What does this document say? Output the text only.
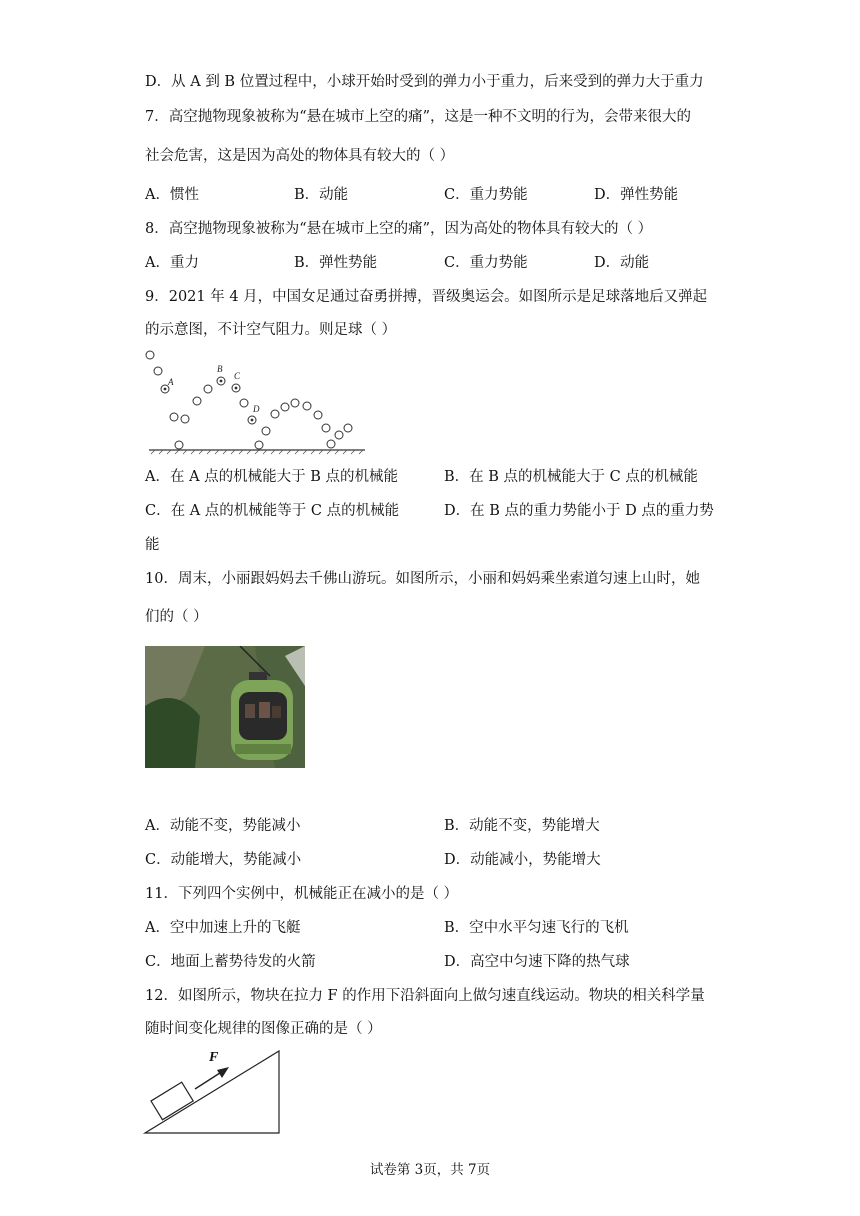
D．从 A 到 B 位置过程中，小球开始时受到的弹力小于重力，后来受到的弹力大于重力
7．高空抛物现象被称为“悬在城市上空的痛”，这是一种不文明的行为，会带来很大的
社会危害，这是因为高处的物体具有较大的（ ）
A．惯性	B．动能	C．重力势能	D．弹性势能
8．高空抛物现象被称为“悬在城市上空的痛”，因为高处的物体具有较大的（ ）
A．重力	B．弹性势能	C．重力势能	D．动能
9．2021 年 4 月，中国女足通过奋勇拼搏，晋级奥运会。如图所示是足球落地后又弹起
的示意图，不计空气阻力。则足球（ ）
A
B
C
D
A．在 A 点的机械能大于 B 点的机械能	B．在 B 点的机械能大于 C 点的机械能
C．在 A 点的机械能等于 C 点的机械能	D．在 B 点的重力势能小于 D 点的重力势
能
10．周末，小丽跟妈妈去千佛山游玩。如图所示，小丽和妈妈乘坐索道匀速上山时，她
们的（ ）
A．动能不变，势能减小	B．动能不变，势能增大
C．动能增大，势能减小	D．动能减小，势能增大
11．下列四个实例中，机械能正在减小的是（ ）
A．空中加速上升的飞艇	B．空中水平匀速飞行的飞机
C．地面上蓄势待发的火箭	D．高空中匀速下降的热气球
12．如图所示，物块在拉力 F 的作用下沿斜面向上做匀速直线运动。物块的相关科学量
随时间变化规律的图像正确的是（ ）
F
试卷第 3页，共 7页
